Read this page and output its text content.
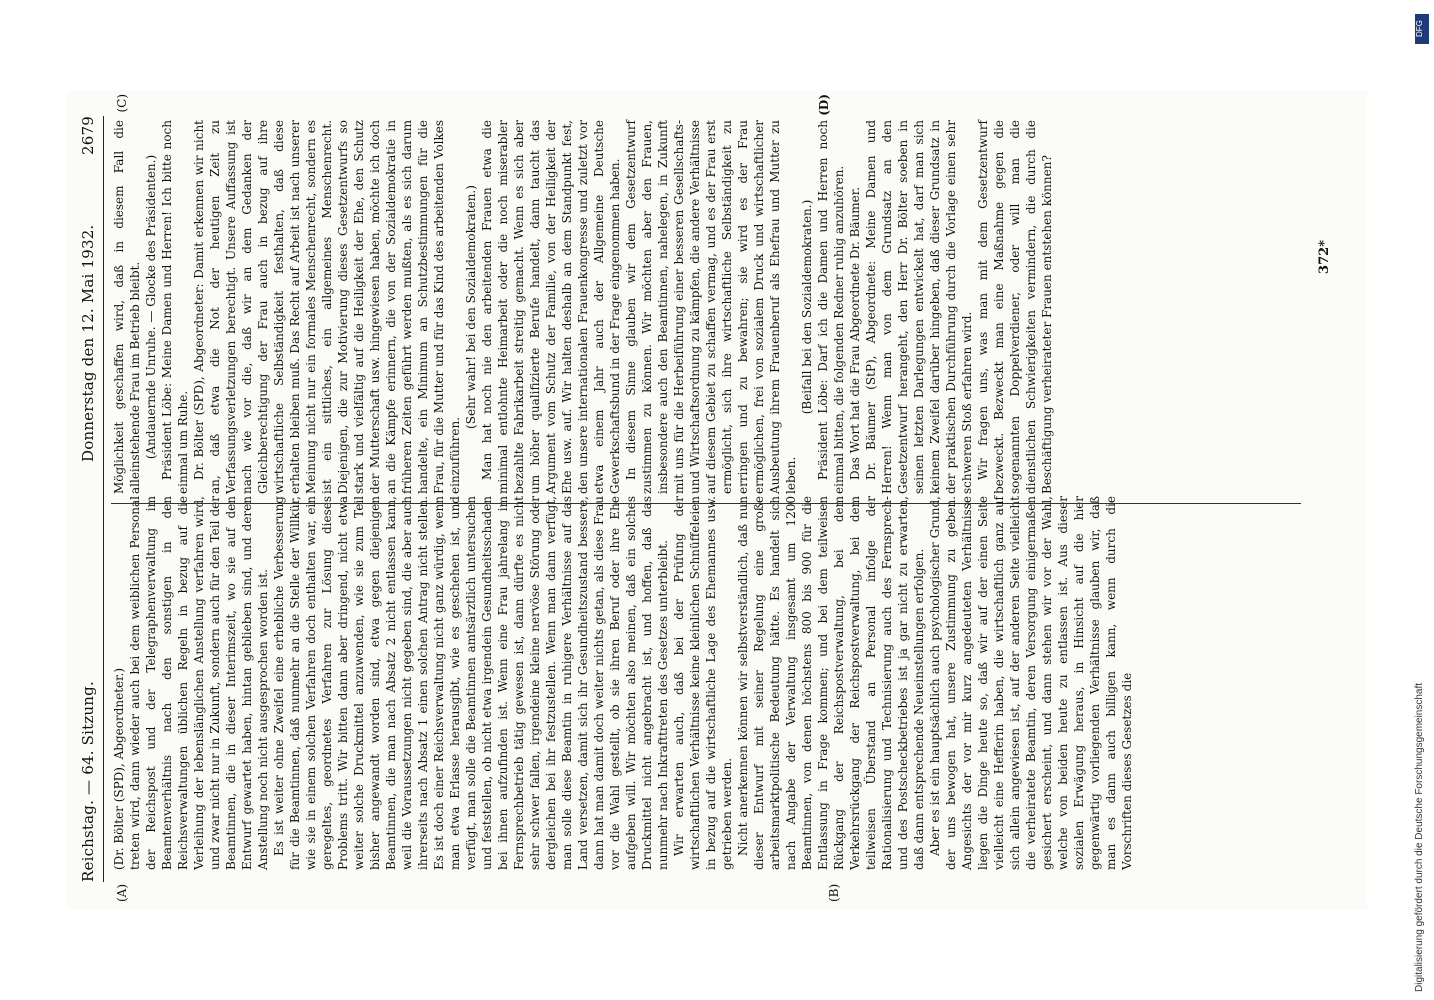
Reichstag. — 64. Sitzung.
Donnerstag den 12. Mai 1932.
2679
(A)	(B)
(C)	(D)

(Dr. Bölter (SPD), Abgeordneter.) treten wird, dann wieder auch bei dem weiblichen Personal der Reichspost und der Telegraphenverwaltung im Beamtenverhältnis nach den sonstigen in den Reichsverwaltungen üblichen Regeln in bezug auf die Verleihung der lebenslänglichen Anstellung verfahren wird, und zwar nicht nur in Zukunft, sondern auch für den Teil der Beamtinnen, die in dieser Interimszeit, wo sie auf den Entwurf gewartet haben, hintan geblieben sind, und deren Anstellung noch nicht ausgesprochen worden ist. Es ist weiter ohne Zweifel eine erhebliche Verbesserung für die Beamtinnen, daß nunmehr an die Stelle der Willkür, wie sie in einem solchen Verfahren doch enthalten war, ein geregeltes, geordnetes Verfahren zur Lösung dieses Problems tritt. Wir bitten dann aber dringend, nicht etwa weiter solche Druckmittel anzuwenden, wie sie zum Teil bisher angewandt worden sind, etwa gegen diejenigen Beamtinnen, die man nach Absatz 2 nicht entlassen kann, weil die Voraussetzungen nicht gegeben sind, die aber auch ihrerseits nach Absatz 1 einen solchen Antrag nicht stellen. Es ist doch einer Reichsverwaltung nicht ganz würdig, wenn man etwa Erlasse herausgibt, wie es geschehen ist, und verfügt, man solle die Beamtinnen amtsärztlich untersuchen und feststellen, ob nicht etwa irgendein Gesundheitsschaden bei ihnen aufzufinden ist. Wenn eine Frau jahrelang im Fernsprechbetrieb tätig gewesen ist, dann dürfte es nicht sehr schwer fallen, irgendeine kleine nervöse Störung oder dergleichen bei ihr festzustellen. Wenn man dann verfügt, man solle diese Beamtin in ruhigere Verhältnisse auf das Land versetzen, damit sich ihr Gesundheitszustand bessere, dann hat man damit doch weiter nichts getan, als diese Frau vor die Wahl gestellt, ob sie ihren Beruf oder ihre Ehe aufgeben will. Wir möchten also meinen, daß ein solches Druckmittel nicht angebracht ist, und hoffen, daß das nunmehr nach Inkrafttreten des Gesetzes unterbleibt. Wir erwarten auch, daß bei der Prüfung der wirtschaftlichen Verhältnisse keine kleinlichen Schnüffeleien in bezug auf die wirtschaftliche Lage des Ehemannes usw. getrieben werden. Nicht anerkennen können wir selbstverständlich, daß nun dieser Entwurf mit seiner Regelung eine große arbeitsmarktpolitische Bedeutung hätte. Es handelt sich nach Angabe der Verwaltung insgesamt um 1200 Beamtinnen, von denen höchstens 800 bis 900 für die Entlassung in Frage kommen; und bei dem teilweisen Rückgang der Reichspostverwaltung, bei dem Verkehrsrückgang der Reichspostverwaltung, bei dem teilweisen Überstand an Personal infolge der Rationalisierung und Technisierung auch des Fernsprech- und des Postscheckbetriebes ist ja gar nicht zu erwarten, daß dann entsprechende Neueinstellungen erfolgen. Aber es ist ein hauptsächlich auch psychologischer Grund, der uns bewogen hat, unsere Zustimmung zu geben. Angesichts der vor mir kurz angedeuteten Verhältnisse liegen die Dinge heute so, daß wir auf der einen Seite vielleicht eine Hefferin haben, die wirtschaftlich ganz auf sich allein angewiesen ist, auf der anderen Seite vielleicht die verheiratete Beamtin, deren Versorgung einigermaßen gesichert erscheint, und dann stehen wir vor der Wahl, welche von beiden heute zu entlassen ist. Aus dieser sozialen Erwägung heraus, in Hinsicht auf die hier gegenwärtig vorliegenden Verhältnisse glauben wir, daß man es dann auch billigen kann, wenn durch die Vorschriften dieses Gesetzes die

Möglichkeit geschaffen wird, daß in diesem Fall die alleinstehende Frau im Betrieb bleibt. (Andauernde Unruhe. — Glocke des Präsidenten.) Präsident Löbe: Meine Damen und Herren! Ich bitte noch einmal um Ruhe. Dr. Bölter (SPD), Abgeordneter: Damit erkennen wir nicht an, daß etwa die Not der heutigen Zeit zu Verfassungsverletzungen berechtigt. Unsere Auffassung ist nach wie vor die, daß wir an dem Gedanken der Gleichberechtigung der Frau auch in bezug auf ihre wirtschaftliche Selbständigkeit festhalten, daß diese erhalten bleiben muß. Das Recht auf Arbeit ist nach unserer Meinung nicht nur ein formales Menschenrecht, sondern es ist ein sittliches, ein allgemeines Menschenrecht. Diejenigen, die zur Motivierung dieses Gesetzentwurfs so stark und vielfältig auf die Heiligkeit der Ehe, den Schutz der Mutterschaft usw. hingewiesen haben, möchte ich doch an die Kämpfe erinnern, die von der Sozialdemokratie in früheren Zeiten geführt werden mußten, als es sich darum handelte, ein Minimum an Schutzbestimmungen für die Frau, für die Mutter und für das Kind des arbeitenden Volkes einzuführen.

(Sehr wahr! bei den Sozialdemokraten.) Man hat noch nie den arbeitenden Frauen etwa die minimal entlohnte Heimarbeit oder die noch miserabler bezahlte Fabrikarbeit streitig gemacht. Wenn es sich aber um höher qualifizierte Berufe handelt, dann taucht das Argument vom Schutz der Familie, von der Heiligkeit der Ehe usw. auf. Wir halten deshalb an dem Standpunkt fest, den unsere internationalen Frauenkongresse und zuletzt vor etwa einem Jahr auch der Allgemeine Deutsche Gewerkschaftsbund in der Frage eingenommen haben. In diesem Sinne glauben wir dem Gesetzentwurf zustimmen zu können. Wir möchten aber den Frauen, insbesondere auch den Beamtinnen, nahelegen, in Zukunft mit uns für die Herbeiführung einer besseren Gesellschafts- und Wirtschaftsordnung zu kämpfen, die andere Verhältnisse auf diesem Gebiet zu schaffen vermag, und es der Frau erst ermöglicht, sich ihre wirtschaftliche Selbständigkeit zu erringen und zu bewahren; sie wird es der Frau ermöglichen, frei von sozialem Druck und wirtschaftlicher Ausbeutung ihrem Frauenberuf als Ehefrau und Mutter zu leben.

(Beifall bei den Sozialdemokraten.) Präsident Löbe: Darf ich die Damen und Herren noch einmal bitten, die folgenden Redner ruhig anzuhören. Das Wort hat die Frau Abgeordnete Dr. Bäumer. Dr. Bäumer (StP), Abgeordnete: Meine Damen und Herren! Wenn man von dem Grundsatz an den Gesetzentwurf herangeht, den Herr Dr. Bölter soeben in seinen letzten Darlegungen entwickelt hat, darf man sich keinem Zweifel darüber hingeben, daß dieser Grundsatz in der praktischen Durchführung durch die Vorlage einen sehr schweren Stoß erfahren wird. Wir fragen uns, was man mit dem Gesetzentwurf bezweckt. Bezweckt man eine Maßnahme gegen die sogenannten Doppelverdiener, oder will man die dienstlichen Schwierigkeiten vermindern, die durch die Beschäftigung verheirateter Frauen entstehen können?	372*
DFG
Digitalisierung gefördert durch die Deutsche Forschungsgemeinschaft
